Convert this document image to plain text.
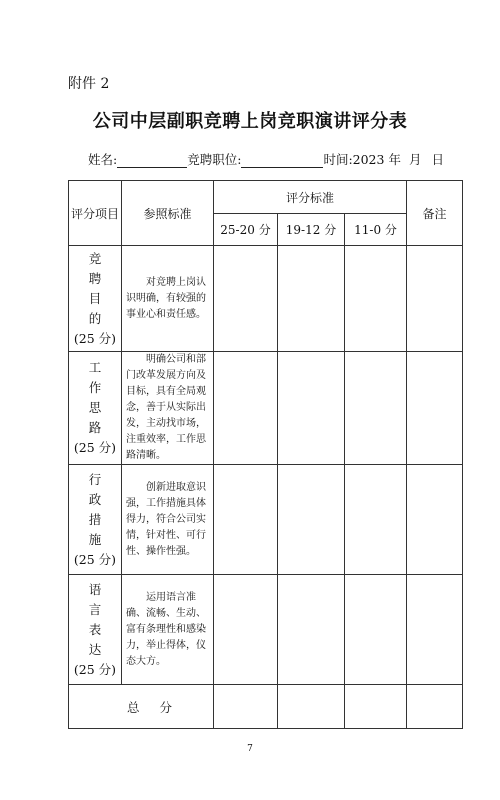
附件 2
公司中层副职竞聘上岗竞职演讲评分表
姓名:	竞聘职位:	时间:2023 年 月 日
评分项目	参照标准	评分标准			备注
		25-20 分	19-12 分	11-0 分	

竞
聘
目
的
(25 分)	对竞聘上岗认识明确，有较强的事业心和责任感。				

工
作
思
路
(25 分)	明确公司和部门改革发展方向及目标，具有全局观念，善于从实际出发，主动找市场，注重效率，工作思路清晰。				

行
政
措
施
(25 分)	创新进取意识强，工作措施具体得力，符合公司实情，针对性、可行性、操作性强。				

语
言
表
达
(25 分)	运用语言准确、流畅、生动、富有条理性和感染力，举止得体，仪态大方。				

总 分					
7
